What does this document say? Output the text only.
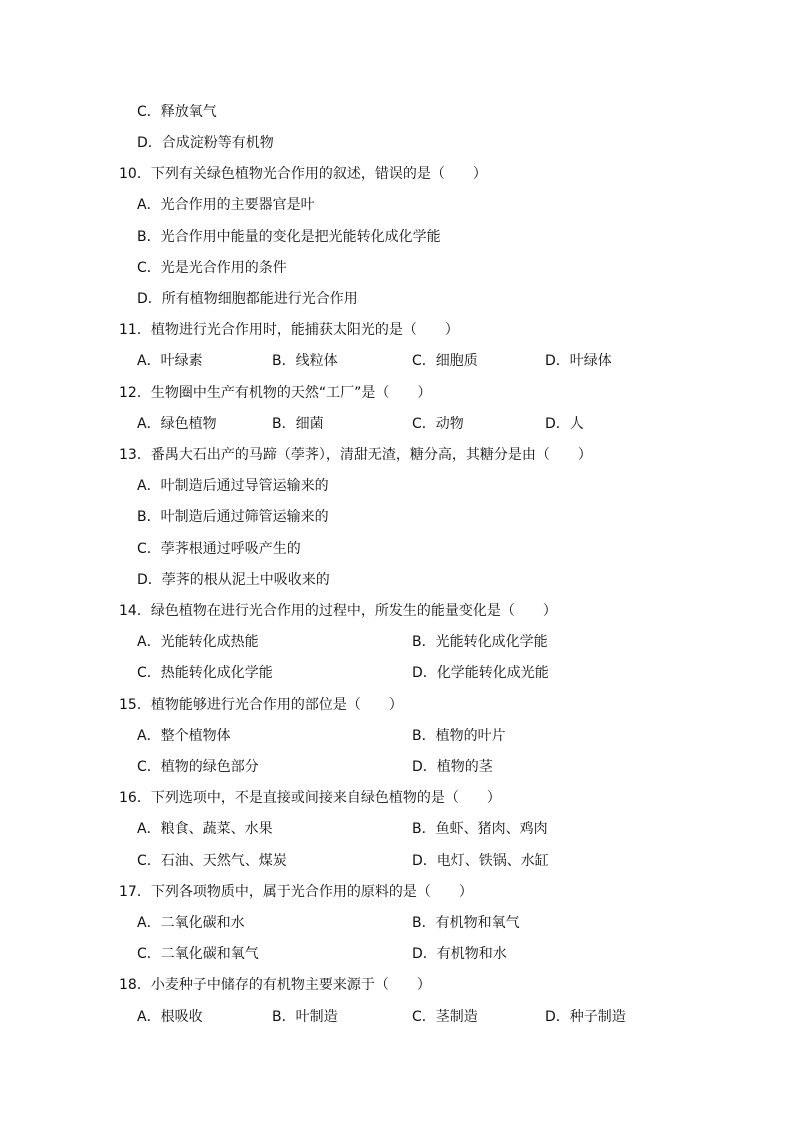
C．释放氧气
D．合成淀粉等有机物
10．下列有关绿色植物光合作用的叙述，错误的是（　　）
A．光合作用的主要器官是叶
B．光合作用中能量的变化是把光能转化成化学能
C．光是光合作用的条件
D．所有植物细胞都能进行光合作用
11．植物进行光合作用时，能捕获太阳光的是（　　）
A．叶绿素	B．线粒体	C．细胞质	D．叶绿体
12．生物圈中生产有机物的天然“工厂”是（　　）
A．绿色植物	B．细菌	C．动物	D．人
13．番禺大石出产的马蹄（荸荠），清甜无渣，糖分高，其糖分是由（　　）
A．叶制造后通过导管运输来的
B．叶制造后通过筛管运输来的
C．荸荠根通过呼吸产生的
D．荸荠的根从泥土中吸收来的
14．绿色植物在进行光合作用的过程中，所发生的能量变化是（　　）
A．光能转化成热能	B．光能转化成化学能
C．热能转化成化学能	D．化学能转化成光能
15．植物能够进行光合作用的部位是（　　）
A．整个植物体	B．植物的叶片
C．植物的绿色部分	D．植物的茎
16．下列选项中，不是直接或间接来自绿色植物的是（　　）
A．粮食、蔬菜、水果	B．鱼虾、猪肉、鸡肉
C．石油、天然气、煤炭	D．电灯、铁锅、水缸
17．下列各项物质中，属于光合作用的原料的是（　　）
A．二氧化碳和水	B．有机物和氧气
C．二氧化碳和氧气	D．有机物和水
18．小麦种子中储存的有机物主要来源于（　　）
A．根吸收	B．叶制造	C．茎制造	D．种子制造
